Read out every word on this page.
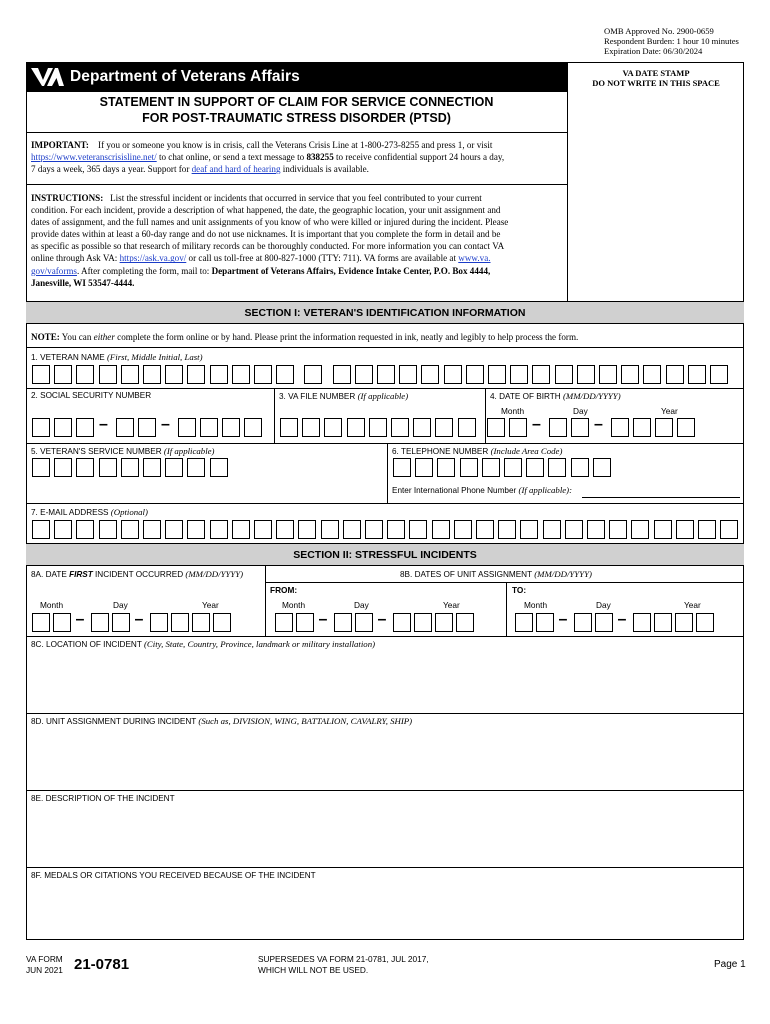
OMB Approved No. 2900-0659
Respondent Burden: 1 hour 10 minutes
Expiration Date: 06/30/2024
Department of Veterans Affairs	VA DATE STAMP
DO NOT WRITE IN THIS SPACE
STATEMENT IN SUPPORT OF CLAIM FOR SERVICE CONNECTION
FOR POST-TRAUMATIC STRESS DISORDER (PTSD)
IMPORTANT: If you or someone you know is in crisis, call the Veterans Crisis Line at 1-800-273-8255 and press 1, or visit
https://www.veteranscrisisline.net/ to chat online, or send a text message to 838255 to receive confidential support 24 hours a day,
7 days a week, 365 days a year. Support for deaf and hard of hearing individuals is available.
INSTRUCTIONS: List the stressful incident or incidents that occurred in service that you feel contributed to your current
condition. For each incident, provide a description of what happened, the date, the geographic location, your unit assignment and
dates of assignment, and the full names and unit assignments of you know of who were killed or injured during the incident. Please
provide dates within at least a 60-day range and do not use nicknames. It is important that you complete the form in detail and be
as specific as possible so that research of military records can be thoroughly conducted. For more information you can contact VA
online through Ask VA: https://ask.va.gov/ or call us toll-free at 800-827-1000 (TTY: 711). VA forms are available at www.va.
gov/vaforms. After completing the form, mail to: Department of Veterans Affairs, Evidence Intake Center, P.O. Box 4444,
Janesville, WI 53547-4444.
SECTION I: VETERAN'S IDENTIFICATION INFORMATION
NOTE: You can either complete the form online or by hand. Please print the information requested in ink, neatly and legibly to help process the form.
1. VETERAN NAME (First, Middle Initial, Last)
2. SOCIAL SECURITY NUMBER	3. VA FILE NUMBER (If applicable)	4. DATE OF BIRTH (MM/DD/YYYY)
Month	Day	Year
–	–	–	–
5. VETERAN'S SERVICE NUMBER (If applicable)	6. TELEPHONE NUMBER (Include Area Code)
Enter International Phone Number (If applicable):
7. E-MAIL ADDRESS (Optional)
SECTION II: STRESSFUL INCIDENTS
8A. DATE FIRST INCIDENT OCCURRED (MM/DD/YYYY)	8B. DATES OF UNIT ASSIGNMENT (MM/DD/YYYY)
FROM:	TO:
Month	Day	Year	Month	Day	Year	Month	Day	Year
–	–	–	–	–	–
8C. LOCATION OF INCIDENT (City, State, Country, Province, landmark or military installation)
8D. UNIT ASSIGNMENT DURING INCIDENT (Such as, DIVISION, WING, BATTALION, CAVALRY, SHIP)
8E. DESCRIPTION OF THE INCIDENT
8F. MEDALS OR CITATIONS YOU RECEIVED BECAUSE OF THE INCIDENT
VA FORM
JUN 2021 21-0781	SUPERSEDES VA FORM 21-0781, JUL 2017,
WHICH WILL NOT BE USED.	Page 1
